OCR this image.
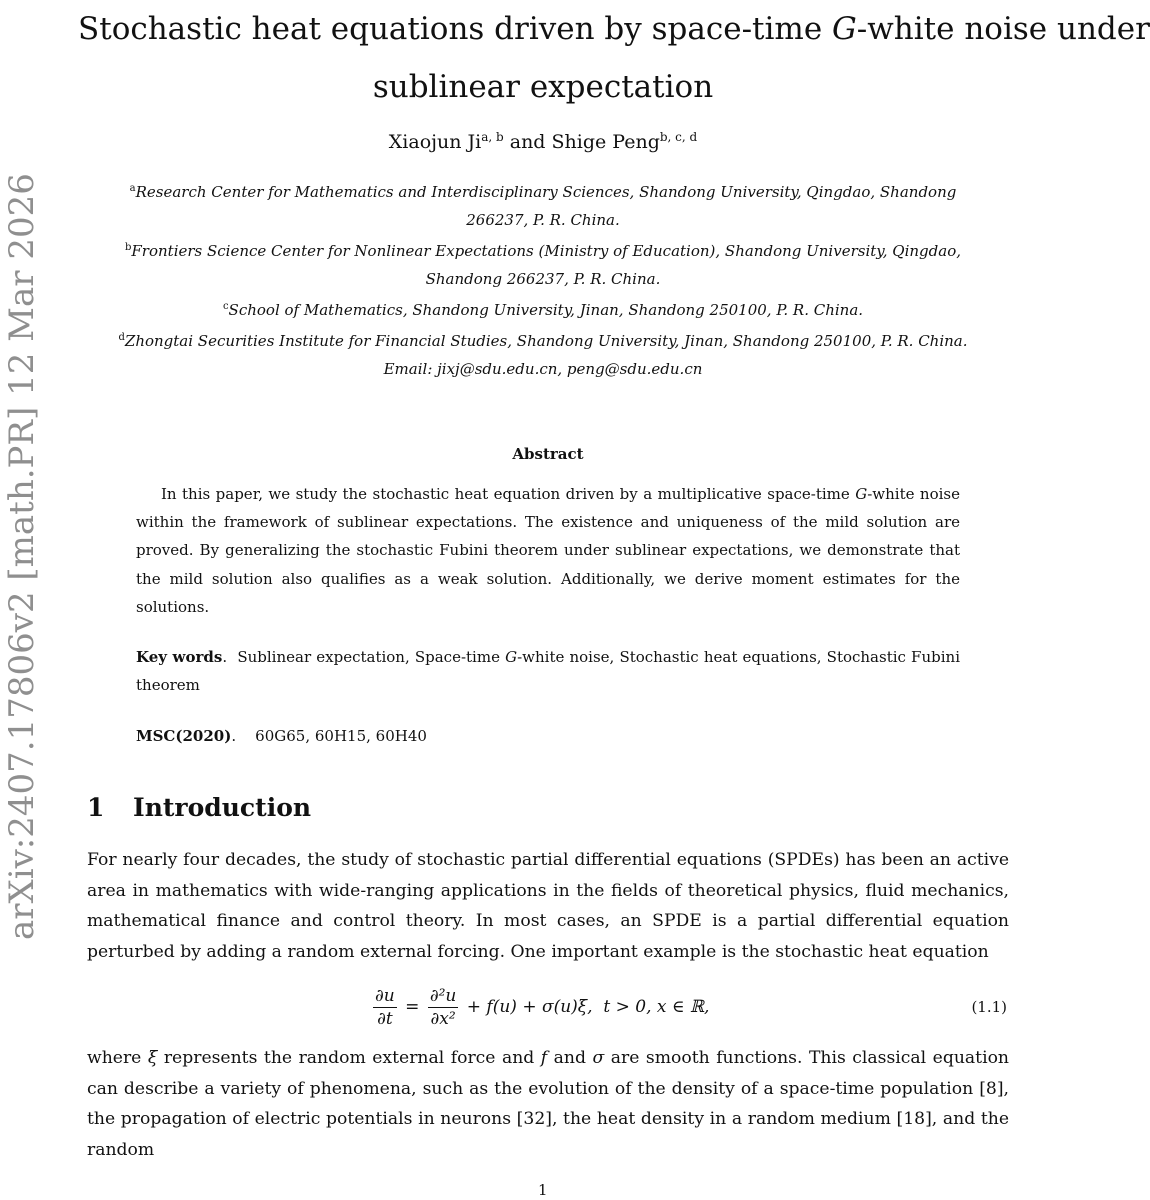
arXiv:2407.17806v2 [math.PR] 12 Mar 2026
Stochastic heat equations driven by space-time G-white noise under
sublinear expectation
Xiaojun Ji$^{a, b}$ and Shige Peng$^{b, c, d}$
$^a$Research Center for Mathematics and Interdisciplinary Sciences, Shandong University, Qingdao, Shandong
266237, P. R. China.
$^b$Frontiers Science Center for Nonlinear Expectations (Ministry of Education), Shandong University, Qingdao,
Shandong 266237, P. R. China.
$^c$School of Mathematics, Shandong University, Jinan, Shandong 250100, P. R. China.
$^d$Zhongtai Securities Institute for Financial Studies, Shandong University, Jinan, Shandong 250100, P. R. China.
Email: jixj@sdu.edu.cn, peng@sdu.edu.cn
Abstract
In this paper, we study the stochastic heat equation driven by a multiplicative space-time G-white noise within the framework of sublinear expectations. The existence and uniqueness of the mild solution are proved. By generalizing the stochastic Fubini theorem under sublinear expectations, we demonstrate that the mild solution also qualifies as a weak solution. Additionally, we derive moment estimates for the solutions.
Key words.  Sublinear expectation, Space-time G-white noise, Stochastic heat equations, Stochastic Fubini theorem
MSC(2020).    60G65, 60H15, 60H40
1 Introduction
For nearly four decades, the study of stochastic partial differential equations (SPDEs) has been an active area in mathematics with wide-ranging applications in the fields of theoretical physics, fluid mechanics, mathematical finance and control theory. In most cases, an SPDE is a partial differential equation perturbed by adding a random external forcing. One important example is the stochastic heat equation
$\frac{\partial u}{\partial t} = \frac{\text{∂²u}}{\text{∂x²}} + f(u) + \sigma(u)\xi$,  t > 0, x ∈ ℝ,	(1.1)
where ξ represents the random external force and f and σ are smooth functions. This classical equation can describe a variety of phenomena, such as the evolution of the density of a space-time population [8], the propagation of electric potentials in neurons [32], the heat density in a random medium [18], and the random
1
